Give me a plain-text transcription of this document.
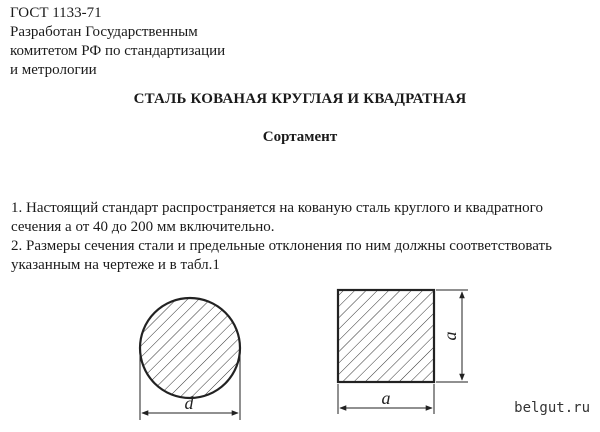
ГОСТ 1133-71
Разработан Государственным
комитетом РФ по стандартизации
и метрологии
СТАЛЬ КОВАНАЯ КРУГЛАЯ И КВАДРАТНАЯ
Сортамент
1. Настоящий стандарт распространяется на кованую сталь круглого и квадратного
сечения а от 40 до 200 мм включительно.
2. Размеры сечения стали и предельные отклонения по ним должны соответствовать
указанным на чертеже и в табл.1
d	a
a
belgut.ru
